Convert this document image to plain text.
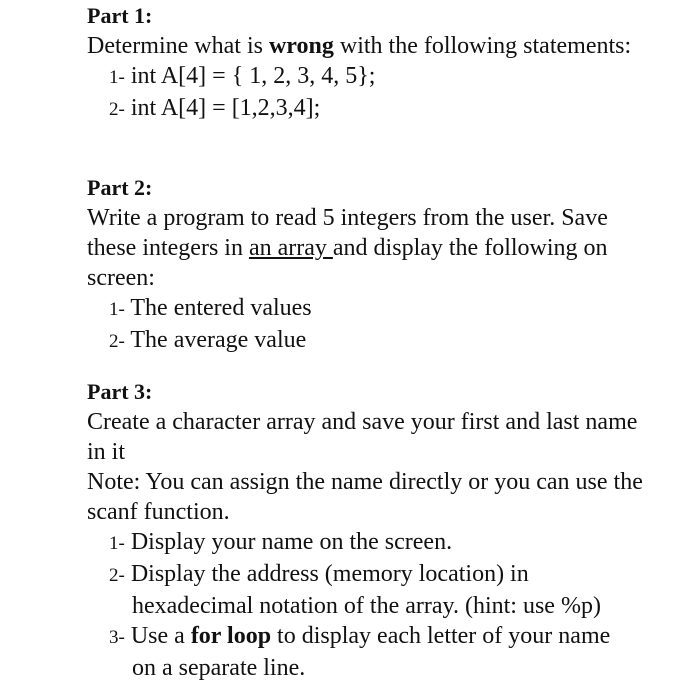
Part 1:
Determine what is wrong with the following statements:
1- int A[4] = { 1, 2, 3, 4, 5};
2- int A[4] = [1,2,3,4];
Part 2:
Write a program to read 5 integers from the user. Save these integers in an array and display the following on screen:
1- The entered values
2- The average value
Part 3:
Create a character array and save your first and last name in it
Note: You can assign the name directly or you can use the scanf function.
1- Display your name on the screen.
2- Display the address (memory location) in
hexadecimal notation of the array. (hint: use %p)
3- Use a for loop to display each letter of your name
on a separate line.
